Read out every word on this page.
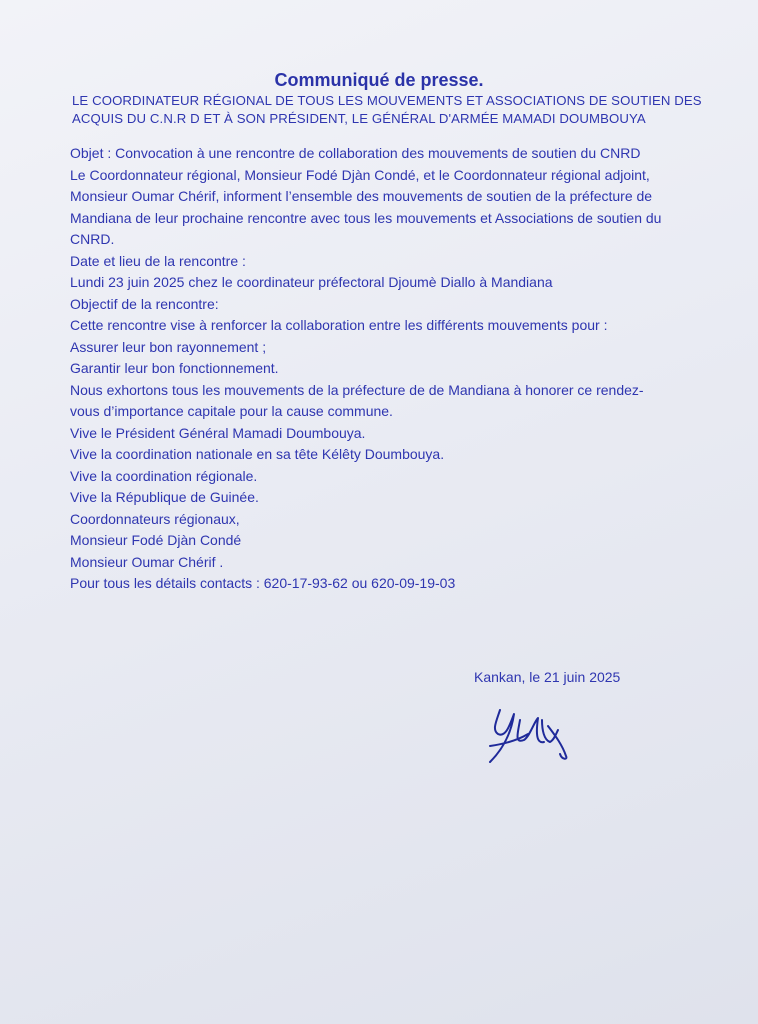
Communiqué de presse.
LE COORDINATEUR RÉGIONAL DE TOUS LES MOUVEMENTS ET ASSOCIATIONS DE SOUTIEN DES
ACQUIS DU C.N.R D ET À SON PRÉSIDENT, LE GÉNÉRAL D'ARMÉE MAMADI DOUMBOUYA
Objet : Convocation à une rencontre de collaboration des mouvements de soutien du CNRD
Le Coordonnateur régional, Monsieur Fodé Djàn Condé, et le Coordonnateur régional adjoint,
Monsieur Oumar Chérif, informent l’ensemble des mouvements de soutien de la préfecture de
Mandiana de leur prochaine rencontre avec tous les mouvements et Associations de soutien du
CNRD.
Date et lieu de la rencontre :
Lundi 23 juin 2025 chez le coordinateur préfectoral Djoumè Diallo à Mandiana
Objectif de la rencontre:
Cette rencontre vise à renforcer la collaboration entre les différents mouvements pour :
Assurer leur bon rayonnement ;
Garantir leur bon fonctionnement.
Nous exhortons tous les mouvements de la préfecture de de Mandiana à honorer ce rendez-
vous d’importance capitale pour la cause commune.
Vive le Président Général Mamadi Doumbouya.
Vive la coordination nationale en sa tête Kélêty Doumbouya.
Vive la coordination régionale.
Vive la République de Guinée.
Coordonnateurs régionaux,
Monsieur Fodé Djàn Condé
Monsieur Oumar Chérif .
Pour tous les détails contacts : 620-17-93-62 ou 620-09-19-03
Kankan, le 21 juin 2025
